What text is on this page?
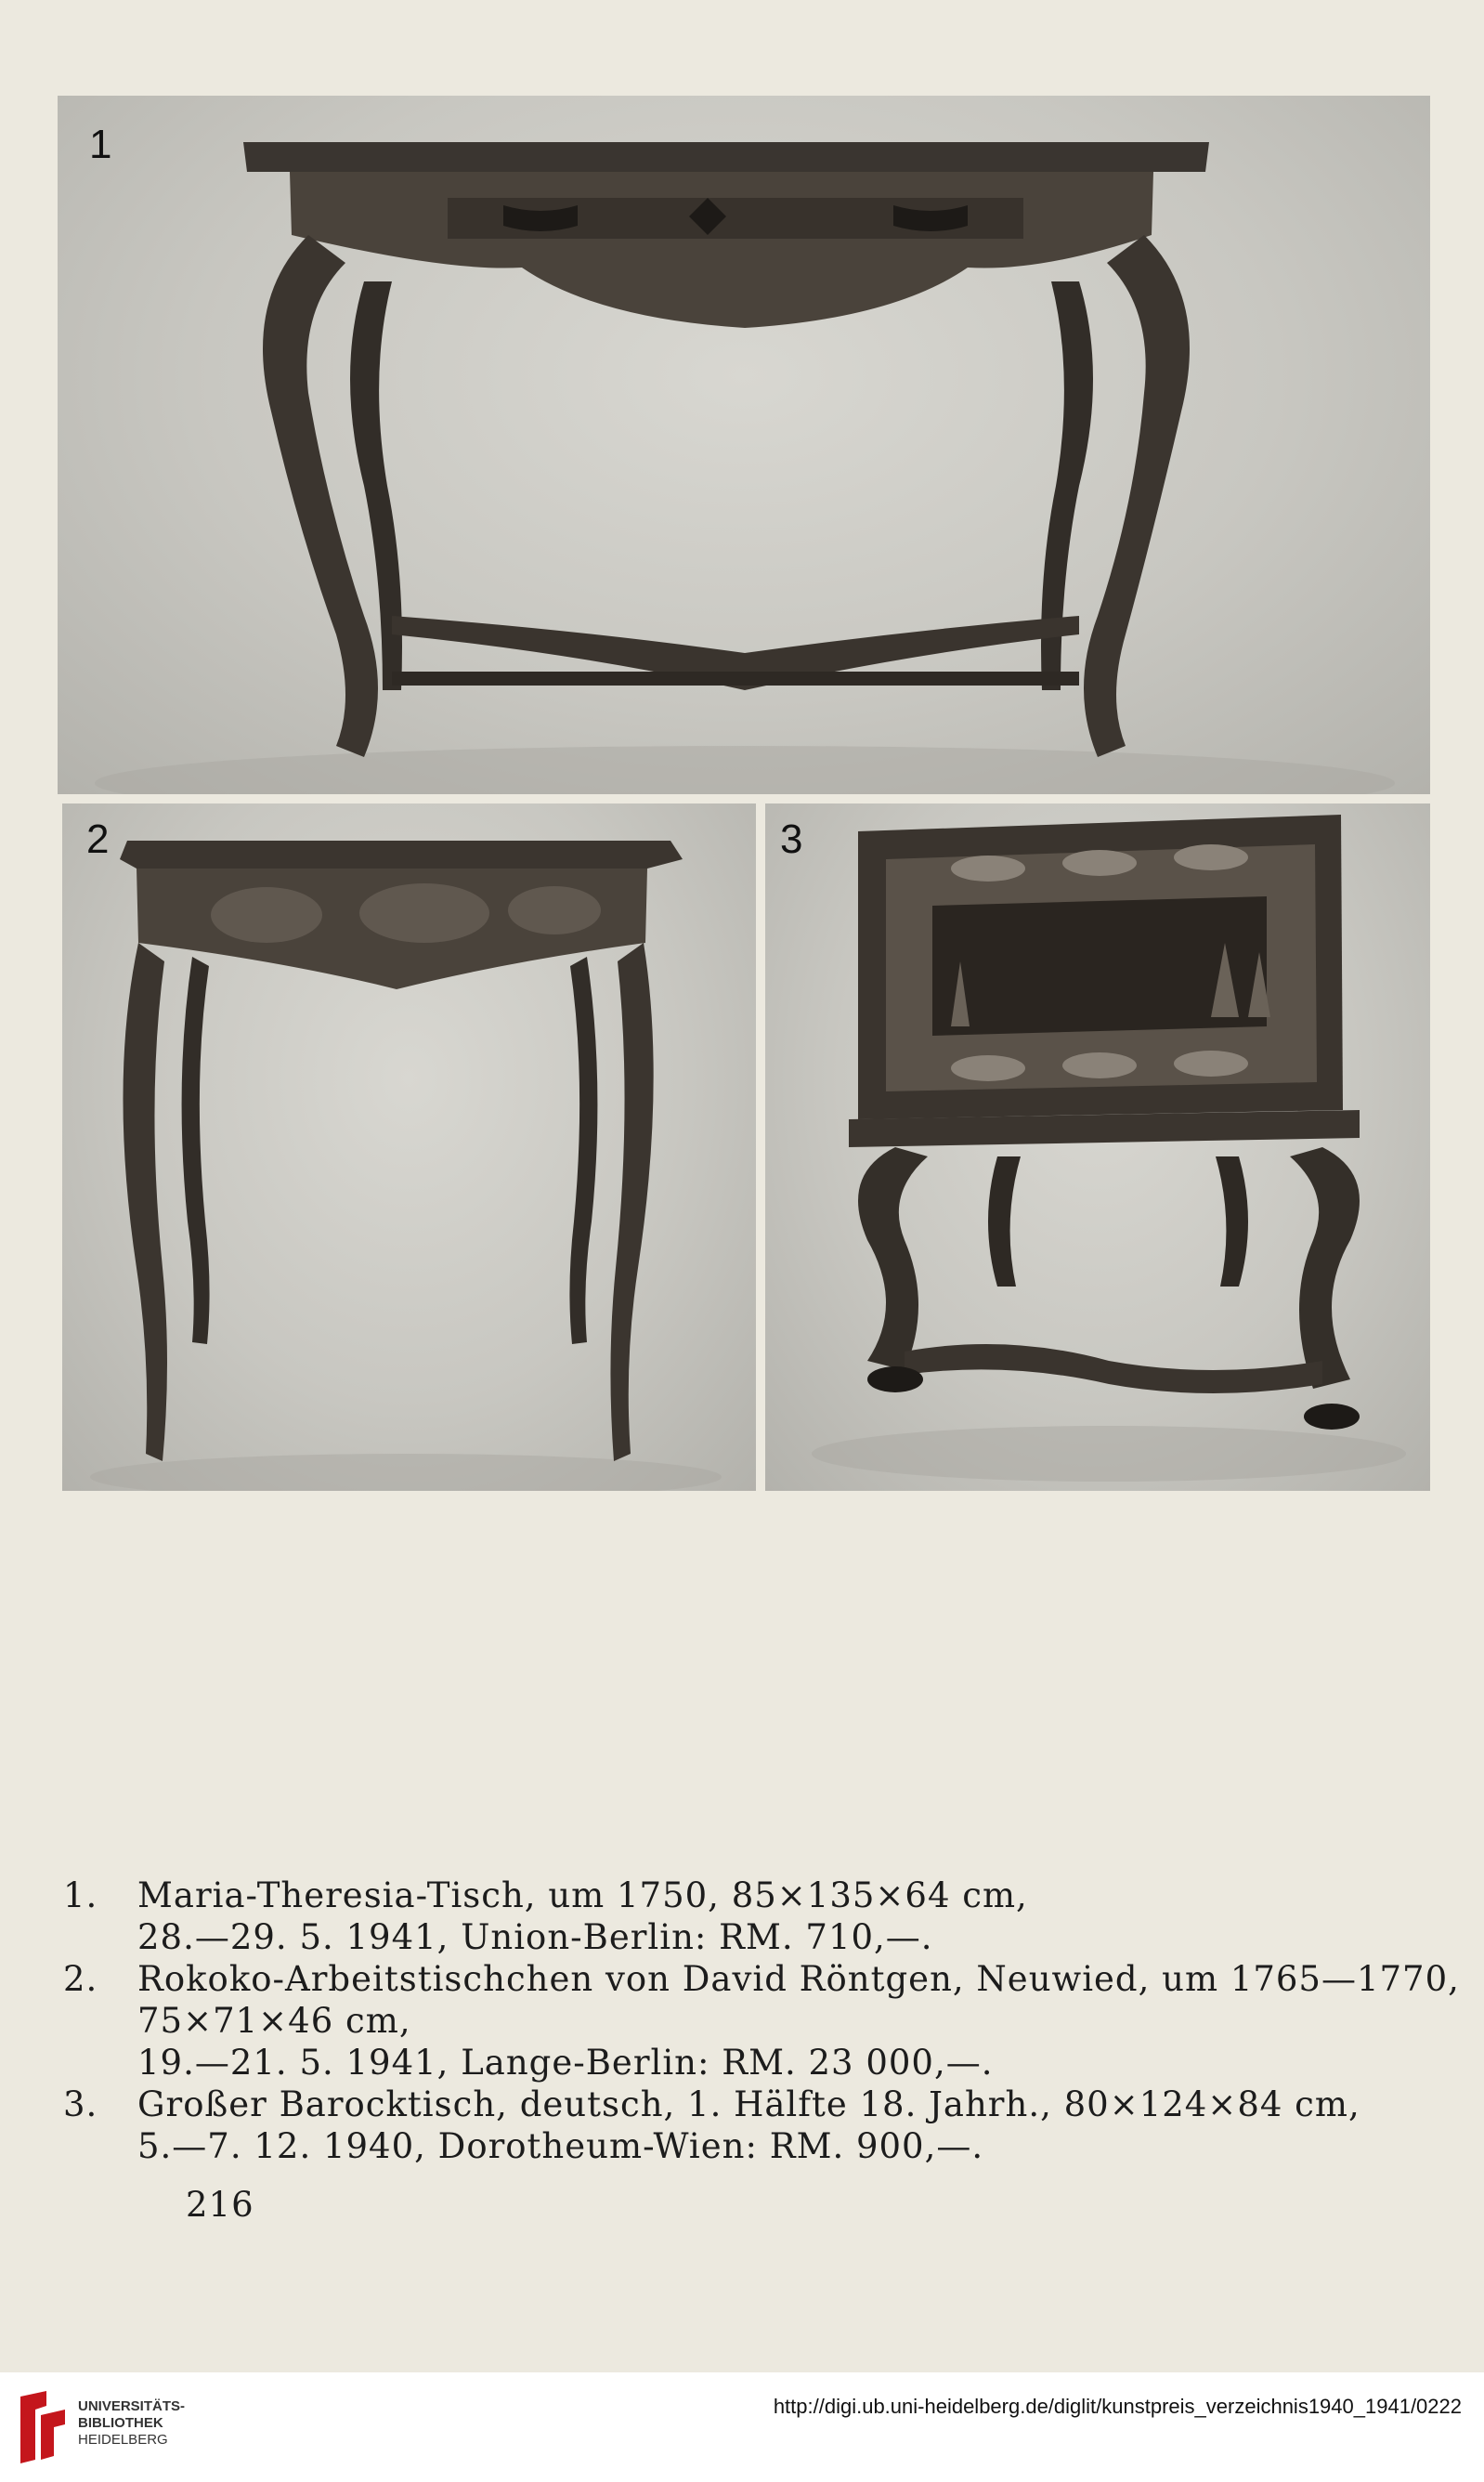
1
2	3
1. Maria-Theresia-Tisch, um 1750, 85×135×64 cm,
28.—29. 5. 1941, Union-Berlin: RM. 710,—.
2. Rokoko-Arbeitstischchen von David Röntgen, Neuwied, um 1765—1770,
75×71×46 cm,
19.—21. 5. 1941, Lange-Berlin: RM. 23 000,—.
3. Großer Barocktisch, deutsch, 1. Hälfte 18. Jahrh., 80×124×84 cm,
5.—7. 12. 1940, Dorotheum-Wien: RM. 900,—.
216
UNIVERSITÄTS-
BIBLIOTHEK
HEIDELBERG
http://digi.ub.uni-heidelberg.de/diglit/kunstpreis_verzeichnis1940_1941/0222
